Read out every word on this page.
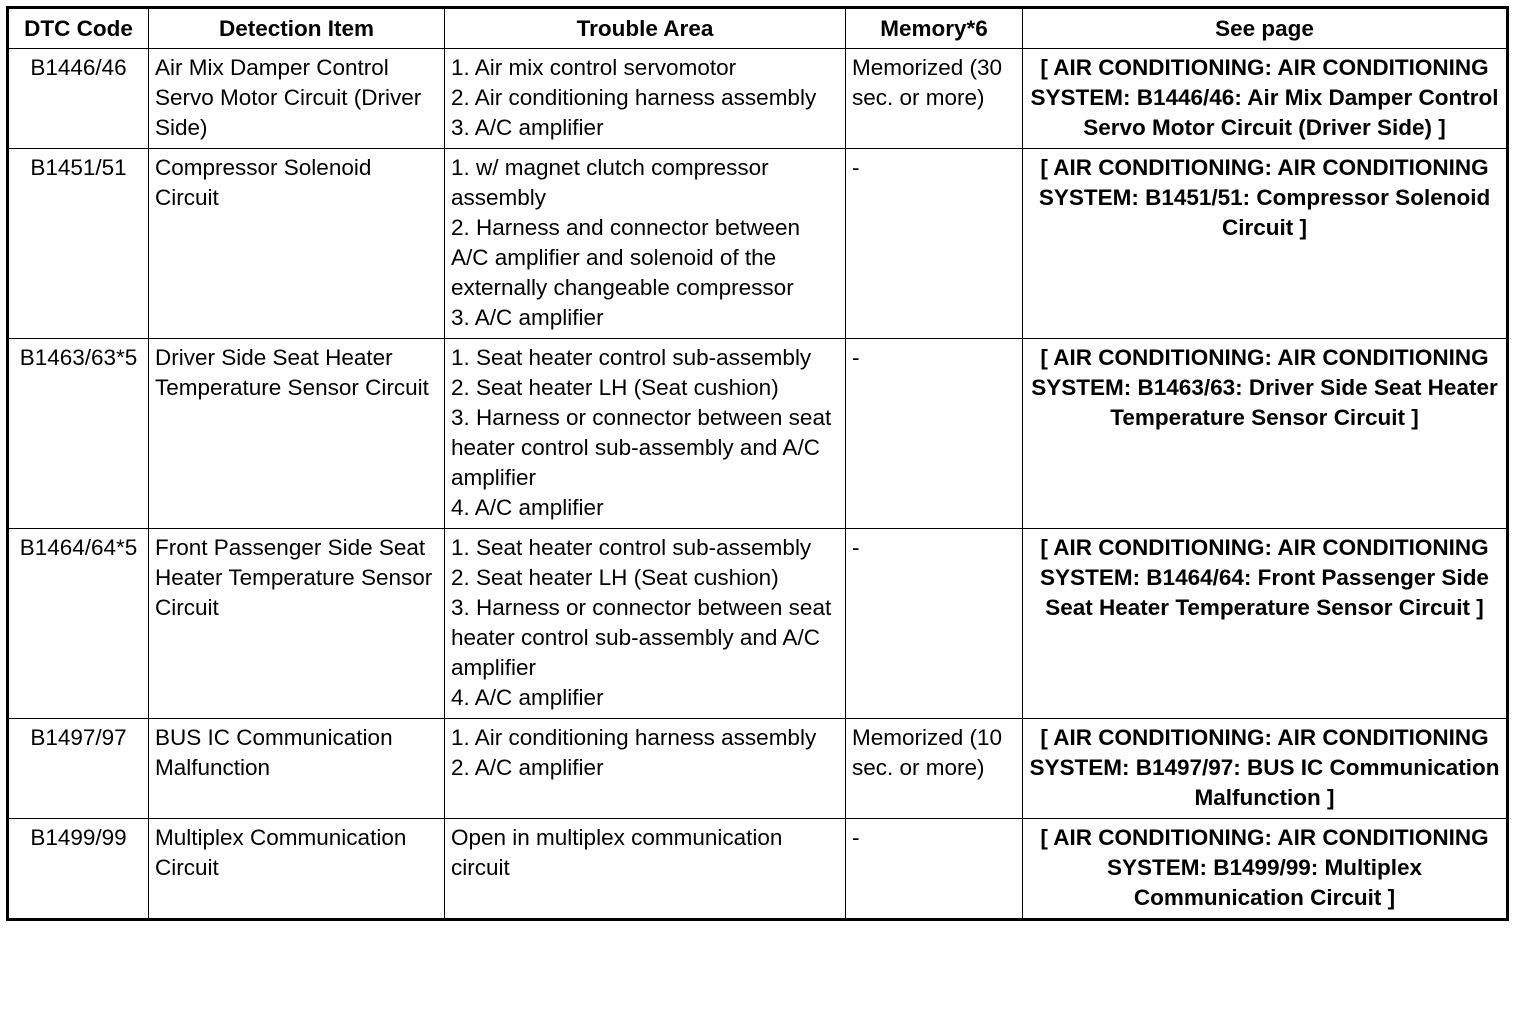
DTC Code	Detection Item	Trouble Area	Memory*6	See page
B1446/46	Air Mix Damper Control Servo Motor Circuit (Driver Side)	1. Air mix control servomotor
2. Air conditioning harness assembly
3. A/C amplifier	Memorized (30 sec. or more)	[ AIR CONDITIONING: AIR CONDITIONING SYSTEM: B1446/46: Air Mix Damper Control Servo Motor Circuit (Driver Side) ]
B1451/51	Compressor Solenoid Circuit	1. w/ magnet clutch compressor assembly
2. Harness and connector between A/C amplifier and solenoid of the externally changeable compressor
3. A/C amplifier	-	[ AIR CONDITIONING: AIR CONDITIONING SYSTEM: B1451/51: Compressor Solenoid Circuit ]
B1463/63*5	Driver Side Seat Heater Temperature Sensor Circuit	1. Seat heater control sub-assembly
2. Seat heater LH (Seat cushion)
3. Harness or connector between seat heater control sub-assembly and A/C amplifier
4. A/C amplifier	-	[ AIR CONDITIONING: AIR CONDITIONING SYSTEM: B1463/63: Driver Side Seat Heater Temperature Sensor Circuit ]
B1464/64*5	Front Passenger Side Seat Heater Temperature Sensor Circuit	1. Seat heater control sub-assembly
2. Seat heater LH (Seat cushion)
3. Harness or connector between seat heater control sub-assembly and A/C amplifier
4. A/C amplifier	-	[ AIR CONDITIONING: AIR CONDITIONING SYSTEM: B1464/64: Front Passenger Side Seat Heater Temperature Sensor Circuit ]
B1497/97	BUS IC Communication Malfunction	1. Air conditioning harness assembly
2. A/C amplifier	Memorized (10 sec. or more)	[ AIR CONDITIONING: AIR CONDITIONING SYSTEM: B1497/97: BUS IC Communication Malfunction ]
B1499/99	Multiplex Communication Circuit	Open in multiplex communication circuit	-	[ AIR CONDITIONING: AIR CONDITIONING SYSTEM: B1499/99: Multiplex Communication Circuit ]
